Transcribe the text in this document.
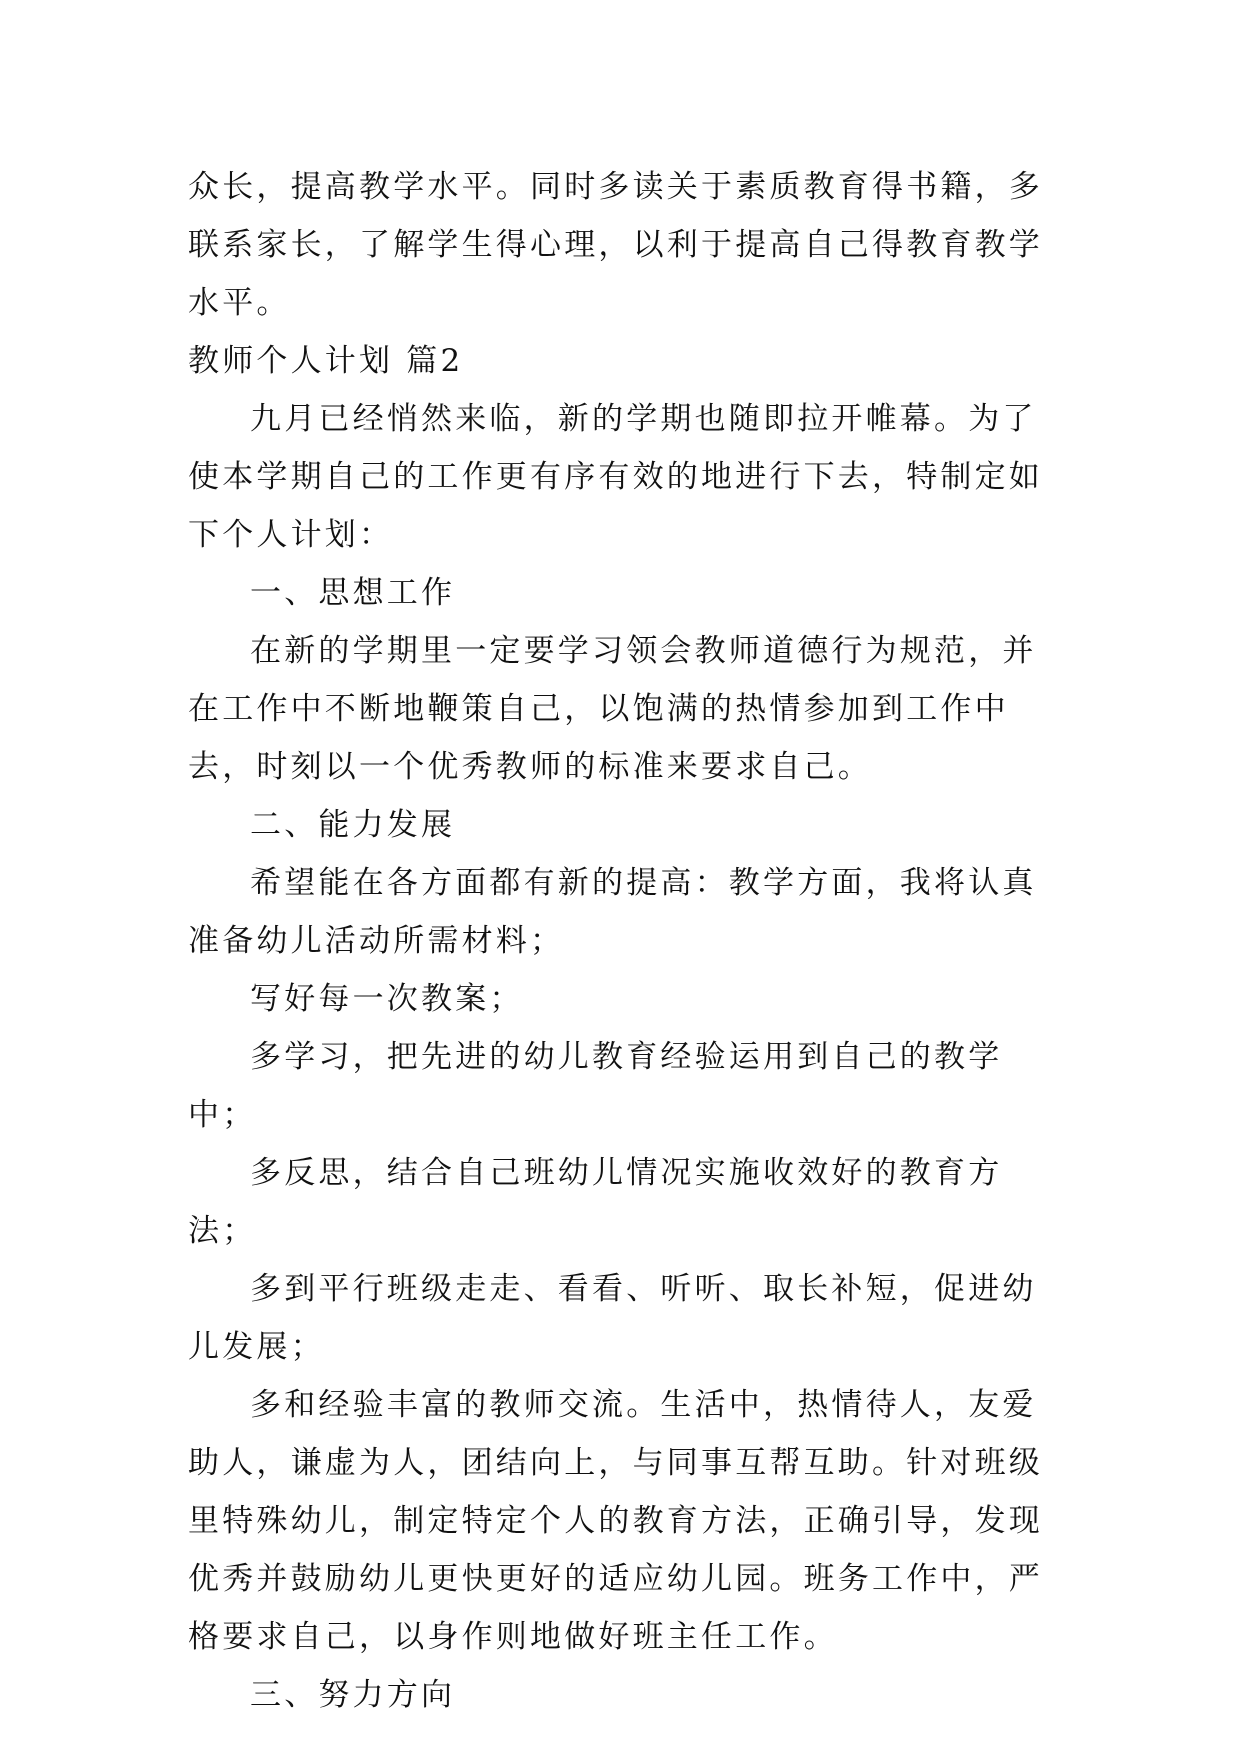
众长，提高教学水平。同时多读关于素质教育得书籍，多联系家长，了解学生得心理，以利于提高自己得教育教学水平。

教师个人计划 篇2

九月已经悄然来临，新的学期也随即拉开帷幕。为了使本学期自己的工作更有序有效的地进行下去，特制定如下个人计划：

一、思想工作

在新的学期里一定要学习领会教师道德行为规范，并在工作中不断地鞭策自己，以饱满的热情参加到工作中去，时刻以一个优秀教师的标准来要求自己。

二、能力发展

希望能在各方面都有新的提高：教学方面，我将认真准备幼儿活动所需材料；

写好每一次教案；

多学习，把先进的幼儿教育经验运用到自己的教学中；

多反思，结合自己班幼儿情况实施收效好的教育方法；

多到平行班级走走、看看、听听、取长补短，促进幼儿发展；

多和经验丰富的教师交流。生活中，热情待人，友爱助人，谦虚为人，团结向上，与同事互帮互助。针对班级里特殊幼儿，制定特定个人的教育方法，正确引导，发现优秀并鼓励幼儿更快更好的适应幼儿园。班务工作中，严格要求自己，以身作则地做好班主任工作。

三、努力方向
